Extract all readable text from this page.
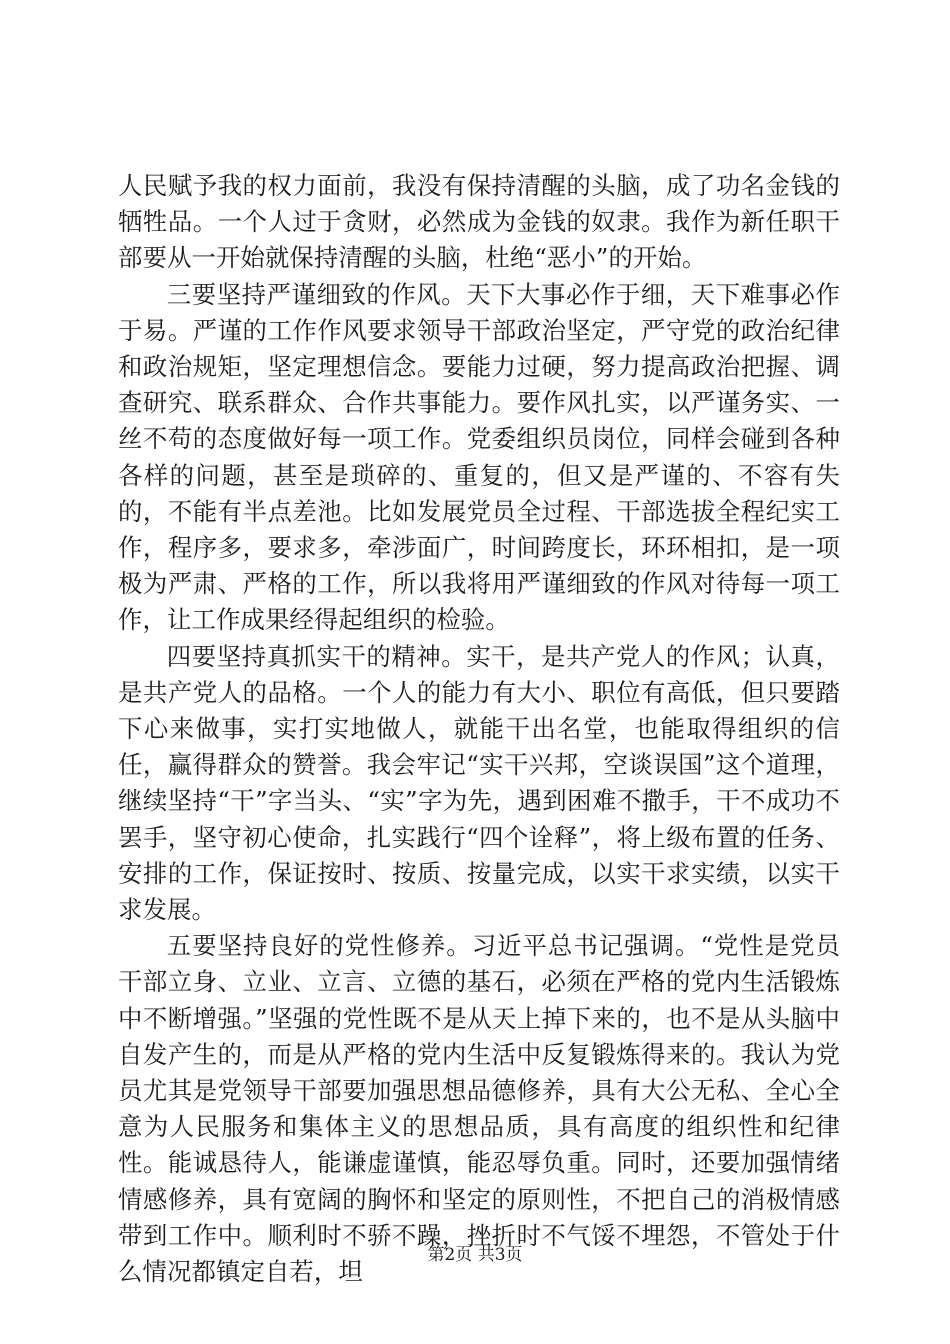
人民赋予我的权力面前，我没有保持清醒的头脑，成了功名金钱的牺牲品。一个人过于贪财，必然成为金钱的奴隶。我作为新任职干部要从一开始就保持清醒的头脑，杜绝“恶小”的开始。

三要坚持严谨细致的作风。天下大事必作于细，天下难事必作于易。严谨的工作作风要求领导干部政治坚定，严守党的政治纪律和政治规矩，坚定理想信念。要能力过硬，努力提高政治把握、调查研究、联系群众、合作共事能力。要作风扎实，以严谨务实、一丝不苟的态度做好每一项工作。党委组织员岗位，同样会碰到各种各样的问题，甚至是琐碎的、重复的，但又是严谨的、不容有失的，不能有半点差池。比如发展党员全过程、干部选拔全程纪实工作，程序多，要求多，牵涉面广，时间跨度长，环环相扣，是一项极为严肃、严格的工作，所以我将用严谨细致的作风对待每一项工作，让工作成果经得起组织的检验。

四要坚持真抓实干的精神。实干，是共产党人的作风；认真，是共产党人的品格。一个人的能力有大小、职位有高低，但只要踏下心来做事，实打实地做人，就能干出名堂，也能取得组织的信任，赢得群众的赞誉。我会牢记“实干兴邦，空谈误国”这个道理，继续坚持“干”字当头、“实”字为先，遇到困难不撒手，干不成功不罢手，坚守初心使命，扎实践行“四个诠释”，将上级布置的任务、安排的工作，保证按时、按质、按量完成，以实干求实绩，以实干求发展。

五要坚持良好的党性修养。习近平总书记强调。“党性是党员干部立身、立业、立言、立德的基石，必须在严格的党内生活锻炼中不断增强。”坚强的党性既不是从天上掉下来的，也不是从头脑中自发产生的，而是从严格的党内生活中反复锻炼得来的。我认为党员尤其是党领导干部要加强思想品德修养，具有大公无私、全心全意为人民服务和集体主义的思想品质，具有高度的组织性和纪律性。能诚恳待人，能谦虚谨慎，能忍辱负重。同时，还要加强情绪情感修养，具有宽阔的胸怀和坚定的原则性，不把自己的消极情感带到工作中。顺利时不骄不躁，挫折时不气馁不埋怨，不管处于什么情况都镇定自若，坦

第2页 共3页
